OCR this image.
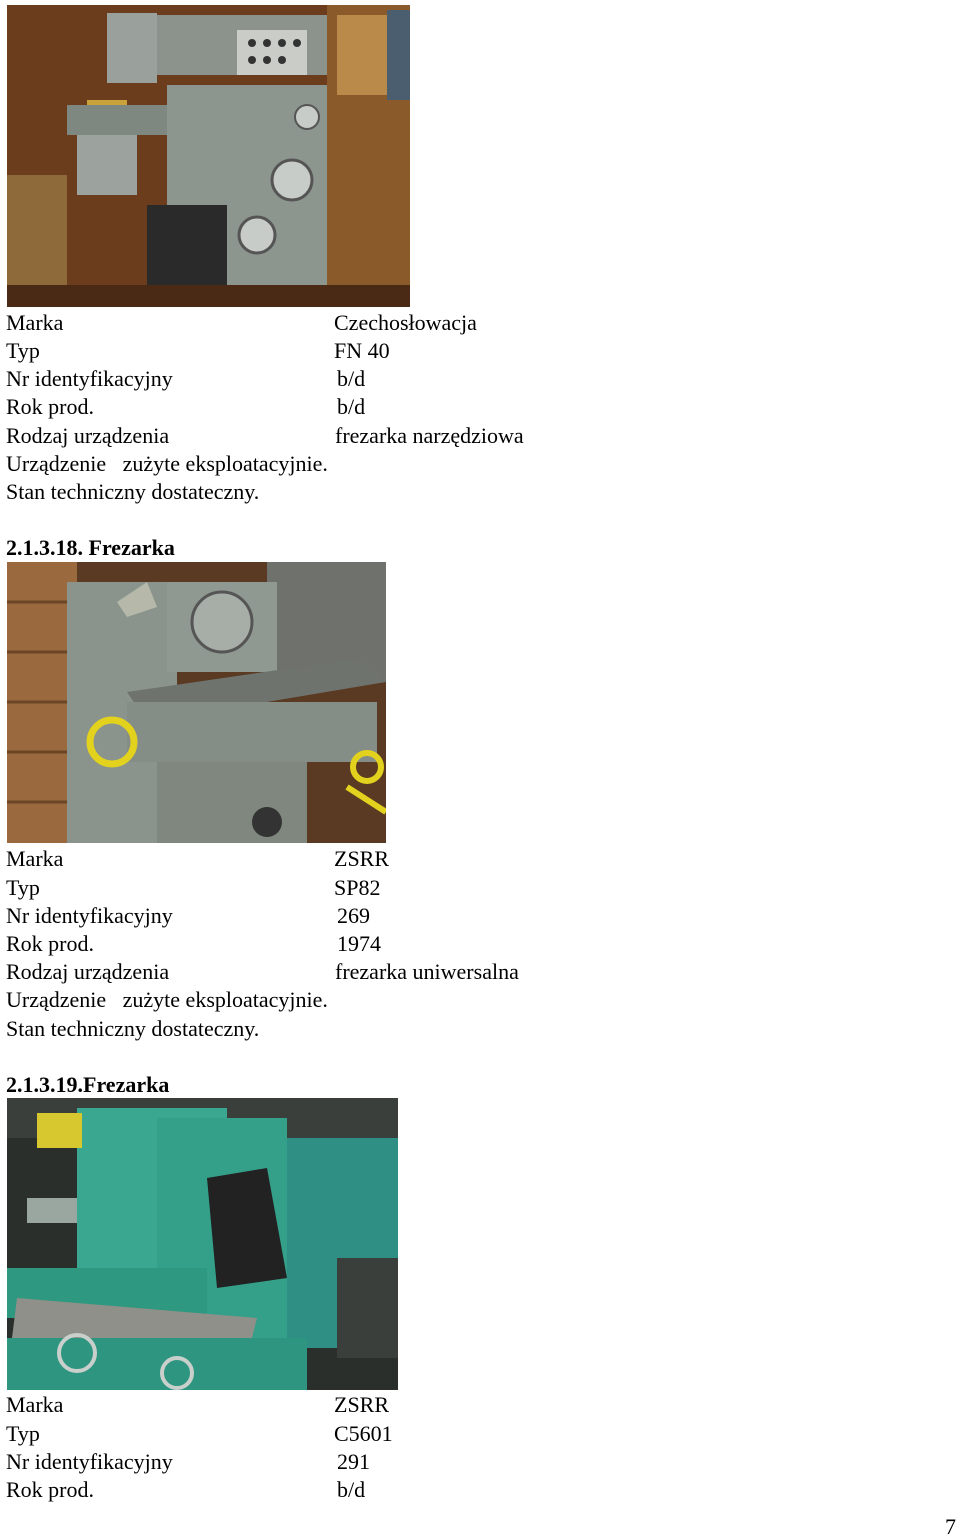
Marka	Czechosłowacja
Typ	FN 40
Nr identyfikacyjny	b/d
Rok prod.	b/d
Rodzaj urządzenia	frezarka narzędziowa
Urządzenie   zużyte eksploatacyjnie.
Stan techniczny dostateczny.
2.1.3.18. Frezarka
Marka	ZSRR
Typ	SP82
Nr identyfikacyjny	269
Rok prod.	1974
Rodzaj urządzenia	frezarka uniwersalna
Urządzenie   zużyte eksploatacyjnie.
Stan techniczny dostateczny.
2.1.3.19.Frezarka
Marka	ZSRR
Typ	C5601
Nr identyfikacyjny	291
Rok prod.	b/d
7
